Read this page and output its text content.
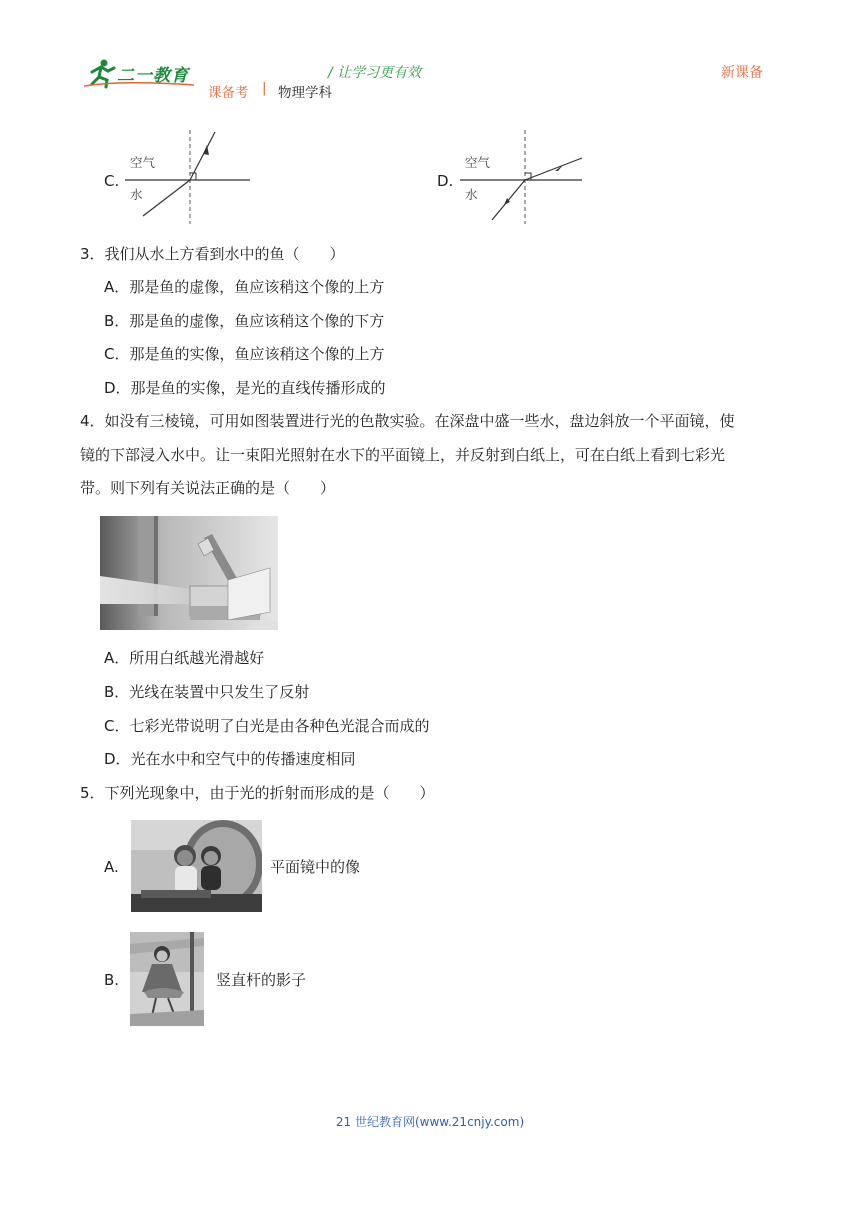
二一教育	/ 让学习更有效	新课备
课备考 | 物理学科
C.
空气
水
D.
空气
水
3．我们从水上方看到水中的鱼（　　）
A．那是鱼的虚像，鱼应该稍这个像的上方
B．那是鱼的虚像，鱼应该稍这个像的下方
C．那是鱼的实像，鱼应该稍这个像的上方
D．那是鱼的实像，是光的直线传播形成的
4．如没有三棱镜，可用如图装置进行光的色散实验。在深盘中盛一些水，盘边斜放一个平面镜，使
镜的下部浸入水中。让一束阳光照射在水下的平面镜上，并反射到白纸上，可在白纸上看到七彩光
带。则下列有关说法正确的是（　　）
A．所用白纸越光滑越好
B．光线在装置中只发生了反射
C．七彩光带说明了白光是由各种色光混合而成的
D．光在水中和空气中的传播速度相同
5．下列光现象中，由于光的折射而形成的是（　　）
A.	平面镜中的像
B.	竖直杆的影子
21 世纪教育网(www.21cnjy.com)
